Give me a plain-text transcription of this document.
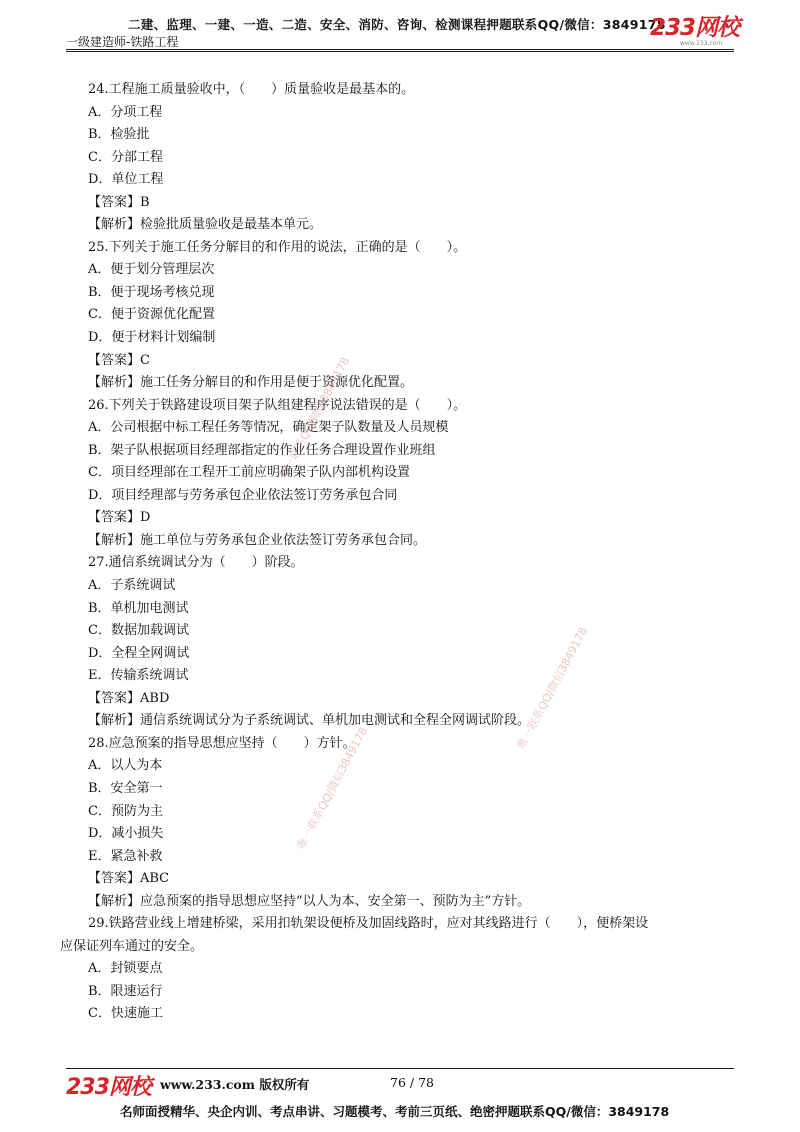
二建、监理、一建、一造、二造、安全、消防、咨询、检测课程押题联系QQ/微信：3849178
一级建造师-铁路工程
233网校
www.233.com
24.工程施工质量验收中，（　　）质量验收是最基本的。
A．分项工程
B．检验批
C．分部工程
D．单位工程
【答案】B
【解析】检验批质量验收是最基本单元。
25.下列关于施工任务分解目的和作用的说法，正确的是（　　）。
A．便于划分管理层次
B．便于现场考核兑现
C．便于资源优化配置
D．便于材料计划编制
【答案】C
【解析】施工任务分解目的和作用是便于资源优化配置。
26.下列关于铁路建设项目架子队组建程序说法错误的是（　　）。
A．公司根据中标工程任务等情况，确定架子队数量及人员规模
B．架子队根据项目经理部指定的作业任务合理设置作业班组
C．项目经理部在工程开工前应明确架子队内部机构设置
D．项目经理部与劳务承包企业依法签订劳务承包合同
【答案】D
【解析】施工单位与劳务承包企业依法签订劳务承包合同。
27.通信系统调试分为（　　）阶段。
A．子系统调试
B．单机加电测试
C．数据加载调试
D．全程全网调试
E．传输系统调试
【答案】ABD
【解析】通信系统调试分为子系统调试、单机加电测试和全程全网调试阶段。
28.应急预案的指导思想应坚持（　　）方针。
A．以人为本
B．安全第一
C．预防为主
D．减小损失
E．紧急补救
【答案】ABC
【解析】应急预案的指导思想应坚持“以人为本、安全第一、预防为主”方针。
29.铁路营业线上增建桥梁，采用扣轨架设便桥及加固线路时，应对其线路进行（　　），便桥架设
应保证列车通过的安全。
A．封锁要点
B．限速运行
C．快速施工
唯一联系QQ/微信3849178
唯一联系QQ/微信3849178
唯一联系QQ/微信3849178
233网校 www.233.com 版权所有	76 / 78
名师面授精华、央企内训、考点串讲、习题模考、考前三页纸、绝密押题联系QQ/微信：3849178
